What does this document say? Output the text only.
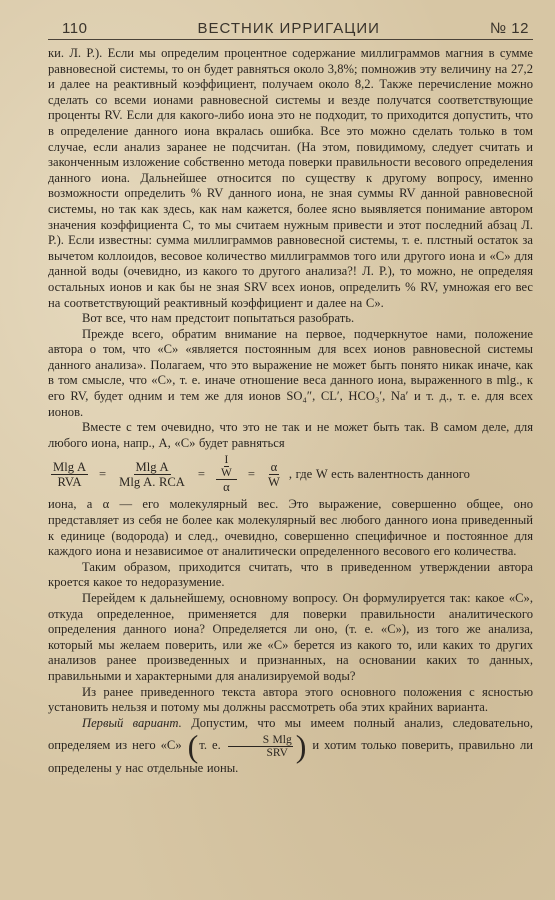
110	ВЕСТНИК ИРРИГАЦИИ	№ 12

ки. Л. Р.). Если мы определим процентное содержание миллиграммов магния в сумме равновесной системы, то он будет равняться около 3,8%; помножив эту величину на 27,2 и далее на реактивный коэффициент, получаем около 8,2. Также перечисление можно сделать со всеми ионами равновесной системы и везде получатся соответствующие проценты RV. Если для какого-либо иона это не подходит, то приходится допустить, что в определение данного иона вкралась ошибка. Все это можно сделать только в том случае, если анализ заранее не подсчитан. (На этом, повидимому, следует считать и законченным изложение собственно метода поверки правильности весового определения данного иона. Дальнейшее относится по существу к другому вопросу, именно возможности определить % RV данного иона, не зная суммы RV данной равновесной системы, но так как здесь, как нам кажется, более ясно выявляется понимание автором значения коэффициента С, то мы считаем нужным привести и этот последний абзац Л. Р.). Если известны: сумма миллиграммов равновесной системы, т. е. плстный остаток за вычетом коллоидов, весовое количество миллиграммов того или другого иона и «С» для данной воды (очевидно, из какого то другого анализа?! Л. Р.), то можно, не определяя остальных ионов и как бы не зная SRV всех ионов, определить % RV, умножая его вес на соответствующий реактивный коэффициент и далее на С».

Вот все, что нам предстоит попытаться разобрать.

Прежде всего, обратим внимание на первое, подчеркнутое нами, положение автора о том, что «С» «является постоянным для всех ионов равновесной системы данного анализа». Полагаем, что это выражение не может быть понято никак иначе, как в том смысле, что «С», т. е. иначе отношение веса данного иона, выраженного в mlg., к его RV, будет одним и тем же для ионов SO₄″, CL′, HCO₃′, Na′ и т. д., т. е. для всех ионов.

Вместе с тем очевидно, что это не так и не может быть так. В самом деле, для любого иона, напр., А, «С» будет равняться

$\frac{\text{Mlg A}}{\text{RVA}} = \frac{\text{Mlg A}}{\text{Mlg A. RCA}} = \frac{\frac{I}{W}}{\alpha} = \frac{\alpha}{W}$ , где W есть валентность данного

иона, а α — его молекулярный вес. Это выражение, совершенно общее, оно представляет из себя не более как молекулярный вес любого данного иона приведенный к единице (водорода) и след., очевидно, совершенно специфичное и постоянное для каждого иона и независимое от аналитически определенного весового его количества.

Таким образом, приходится считать, что в приведенном утверждении автора кроется какое то недоразумение.

Перейдем к дальнейшему, основному вопросу. Он формулируется так: какое «С», откуда определенное, применяется для поверки правильности аналитического определения данного иона? Определяется ли оно, (т. е. «С»), из того же анализа, который мы желаем поверить, или же «С» берется из какого то, или каких то других анализов ранее произведенных и признанных, на основании каких то данных, правильными и характерными для анализируемой воды?

Из ранее приведенного текста автора этого основного положения с ясностью установить нельзя и потому мы должны рассмотреть оба этих крайних варианта.

Первый вариант. Допустим, что мы имеем полный анализ, следовательно, определяем из него «С» (т. е. $\frac{\text{S Mlg}}{\text{SRV}}$ ) и хотим только поверить, правильно ли определены у нас отдельные ионы.
